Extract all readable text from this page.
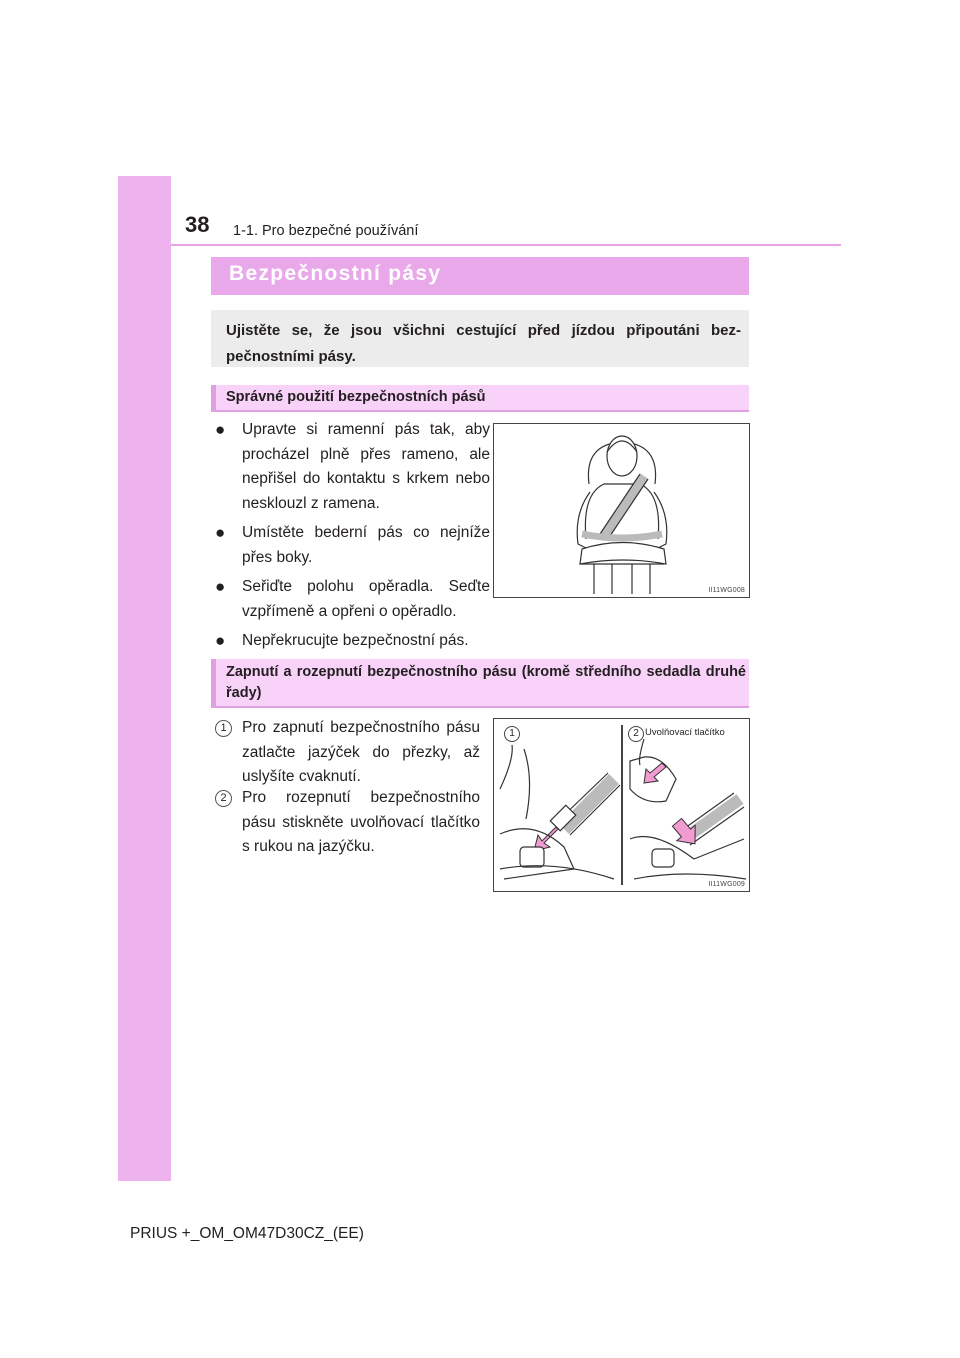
38 1-1. Pro bezpečné používání
Bezpečnostní pásy
Ujistěte se, že jsou všichni cestující před jízdou připoutáni bezpečnostními pásy.
Správné použití bezpečnostních pásů
● Upravte si ramenní pás tak, aby procházel plně přes rameno, ale nepřišel do kontaktu s krkem nebo nesklouzl z ramena.
● Umístěte bederní pás co nejníže přes boky.
● Seřiďte polohu opěradla. Seďte vzpřímeně a opřeni o opěradlo.
● Nepřekrucujte bezpečnostní pás.
II11WG008
Zapnutí a rozepnutí bezpečnostního pásu (kromě středního sedadla druhé řady)
1 Pro zapnutí bezpečnostního pásu zatlačte jazýček do přezky, až uslyšíte cvaknutí.
2 Pro rozepnutí bezpečnostního pásu stiskněte uvolňovací tlačítko s rukou na jazýčku.
1	2 Uvolňovací tlačítko
II11WG009
PRIUS +_OM_OM47D30CZ_(EE)
